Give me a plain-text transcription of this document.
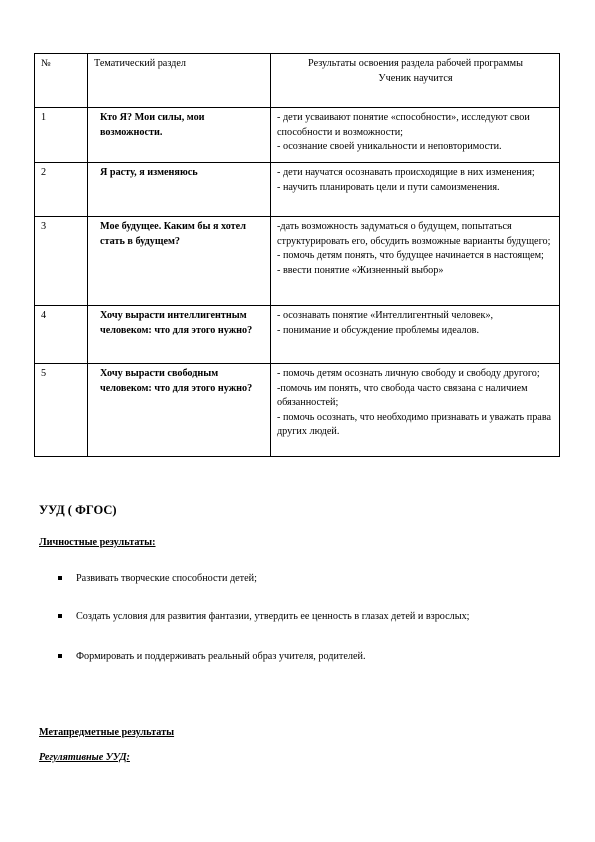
№	Тематический раздел	Результаты освоения раздела рабочей программы
Ученик научится

1	Кто Я? Мои силы, мои возможности.	- дети усваивают понятие «способности», исследуют свои способности и возможности;
- осознание своей уникальности и неповторимости.

2	Я расту, я изменяюсь	- дети научатся осознавать происходящие в них изменения;
- научить планировать цели и пути самоизменения.

3	Мое будущее. Каким бы я хотел стать в будущем?	-дать возможность задуматься о будущем, попытаться структурировать его, обсудить возможные варианты будущего;
- помочь детям понять, что будущее начинается в настоящем;
- ввести понятие «Жизненный выбор»

4	Хочу вырасти интеллигентным человеком: что для этого нужно?	- осознавать понятие «Интеллигентный человек»,
- понимание и обсуждение проблемы идеалов.

5	Хочу вырасти свободным человеком: что для этого нужно?	- помочь детям осознать личную свободу и свободу другого;
-помочь им понять, что свобода часто связана с наличием обязанностей;
- помочь осознать, что необходимо признавать и уважать права других людей.
УУД ( ФГОС)

Личностные результаты:

Развивать творческие способности детей;
Создать условия для развития фантазии, утвердить ее ценность в глазах детей и взрослых;
Формировать и поддерживать реальный образ учителя, родителей.

Метапредметные результаты

Регулятивные УУД:
